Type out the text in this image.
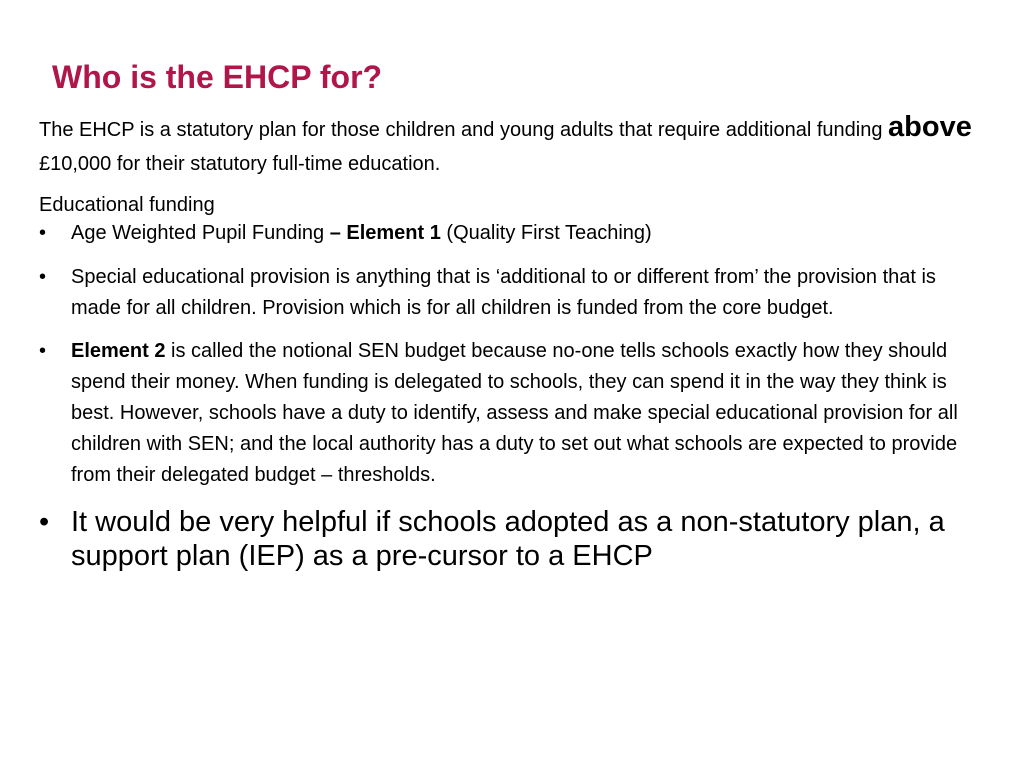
Who is the EHCP for?

The EHCP is a statutory plan for those children and young adults that require additional funding above £10,000 for their statutory full-time education.

Educational funding
•	Age Weighted Pupil Funding – Element 1 (Quality First Teaching)
•	Special educational provision is anything that is ‘additional to or different from’ the provision that is made for all children. Provision which is for all children is funded from the core budget.
•	Element 2 is called the notional SEN budget because no-one tells schools exactly how they should spend their money. When funding is delegated to schools, they can spend it in the way they think is best. However, schools have a duty to identify, assess and make special educational provision for all children with SEN; and the local authority has a duty to set out what schools are expected to provide from their delegated budget – thresholds.
• It would be very helpful if schools adopted as a non-statutory plan, a support plan (IEP) as a pre-cursor to a EHCP
